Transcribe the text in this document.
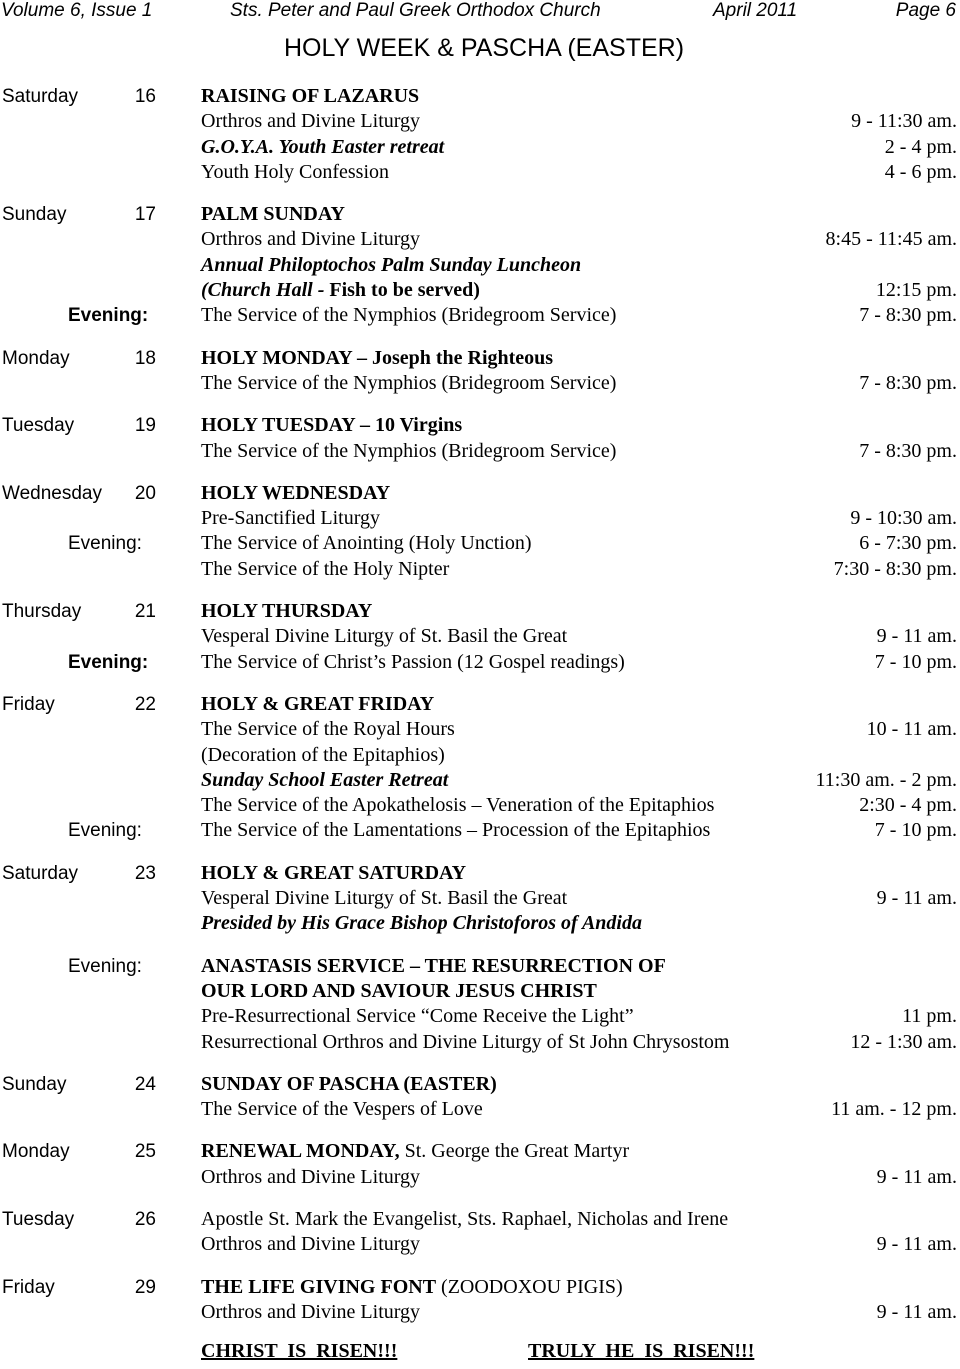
Volume 6, Issue 1	Sts. Peter and Paul Greek Orthodox Church	April 2011	Page 6
HOLY WEEK & PASCHA (EASTER)
Saturday	16 RAISING OF LAZARUS
Orthros and Divine Liturgy	9 - 11:30 am.
G.O.Y.A. Youth Easter retreat	2 - 4 pm.
Youth Holy Confession	4 - 6 pm.
Sunday	17 PALM SUNDAY
Orthros and Divine Liturgy	8:45 - 11:45 am.
Annual Philoptochos Palm Sunday Luncheon
(Church Hall - Fish to be served)	12:15 pm.
Evening:	The Service of the Nymphios (Bridegroom Service)	7 - 8:30 pm.
Monday	18 HOLY MONDAY – Joseph the Righteous
The Service of the Nymphios (Bridegroom Service)	7 - 8:30 pm.
Tuesday	19 HOLY TUESDAY – 10 Virgins
The Service of the Nymphios (Bridegroom Service)	7 - 8:30 pm.
Wednesday 20 HOLY WEDNESDAY
Pre-Sanctified Liturgy	9 - 10:30 am.
Evening:	The Service of Anointing (Holy Unction)	6 - 7:30 pm.
The Service of the Holy Nipter	7:30 - 8:30 pm.
Thursday	21 HOLY THURSDAY
Vesperal Divine Liturgy of St. Basil the Great	9 - 11 am.
Evening:	The Service of Christ’s Passion (12 Gospel readings)	7 - 10 pm.
Friday	22 HOLY & GREAT FRIDAY
The Service of the Royal Hours	10 - 11 am.
(Decoration of the Epitaphios)
Sunday School Easter Retreat	11:30 am. - 2 pm.
The Service of the Apokathelosis – Veneration of the Epitaphios	2:30 - 4 pm.
Evening:	The Service of the Lamentations – Procession of the Epitaphios	7 - 10 pm.
Saturday	23 HOLY & GREAT SATURDAY
Vesperal Divine Liturgy of St. Basil the Great	9 - 11 am.
Presided by His Grace Bishop Christoforos of Andida
Evening:	ANASTASIS SERVICE – THE RESURRECTION OF
OUR LORD AND SAVIOUR JESUS CHRIST
Pre-Resurrectional Service “Come Receive the Light”	11 pm.
Resurrectional Orthros and Divine Liturgy of St John Chrysostom	12 - 1:30 am.
Sunday	24 SUNDAY OF PASCHA (EASTER)
The Service of the Vespers of Love	11 am. - 12 pm.
Monday	25 RENEWAL MONDAY, St. George the Great Martyr
Orthros and Divine Liturgy	9 - 11 am.
Tuesday	26 Apostle St. Mark the Evangelist, Sts. Raphael, Nicholas and Irene
Orthros and Divine Liturgy	9 - 11 am.
Friday	29 THE LIFE GIVING FONT (ZOODOXOU PIGIS)
Orthros and Divine Liturgy	9 - 11 am.
CHRIST  IS  RISEN!!!	TRULY  HE  IS  RISEN!!!
